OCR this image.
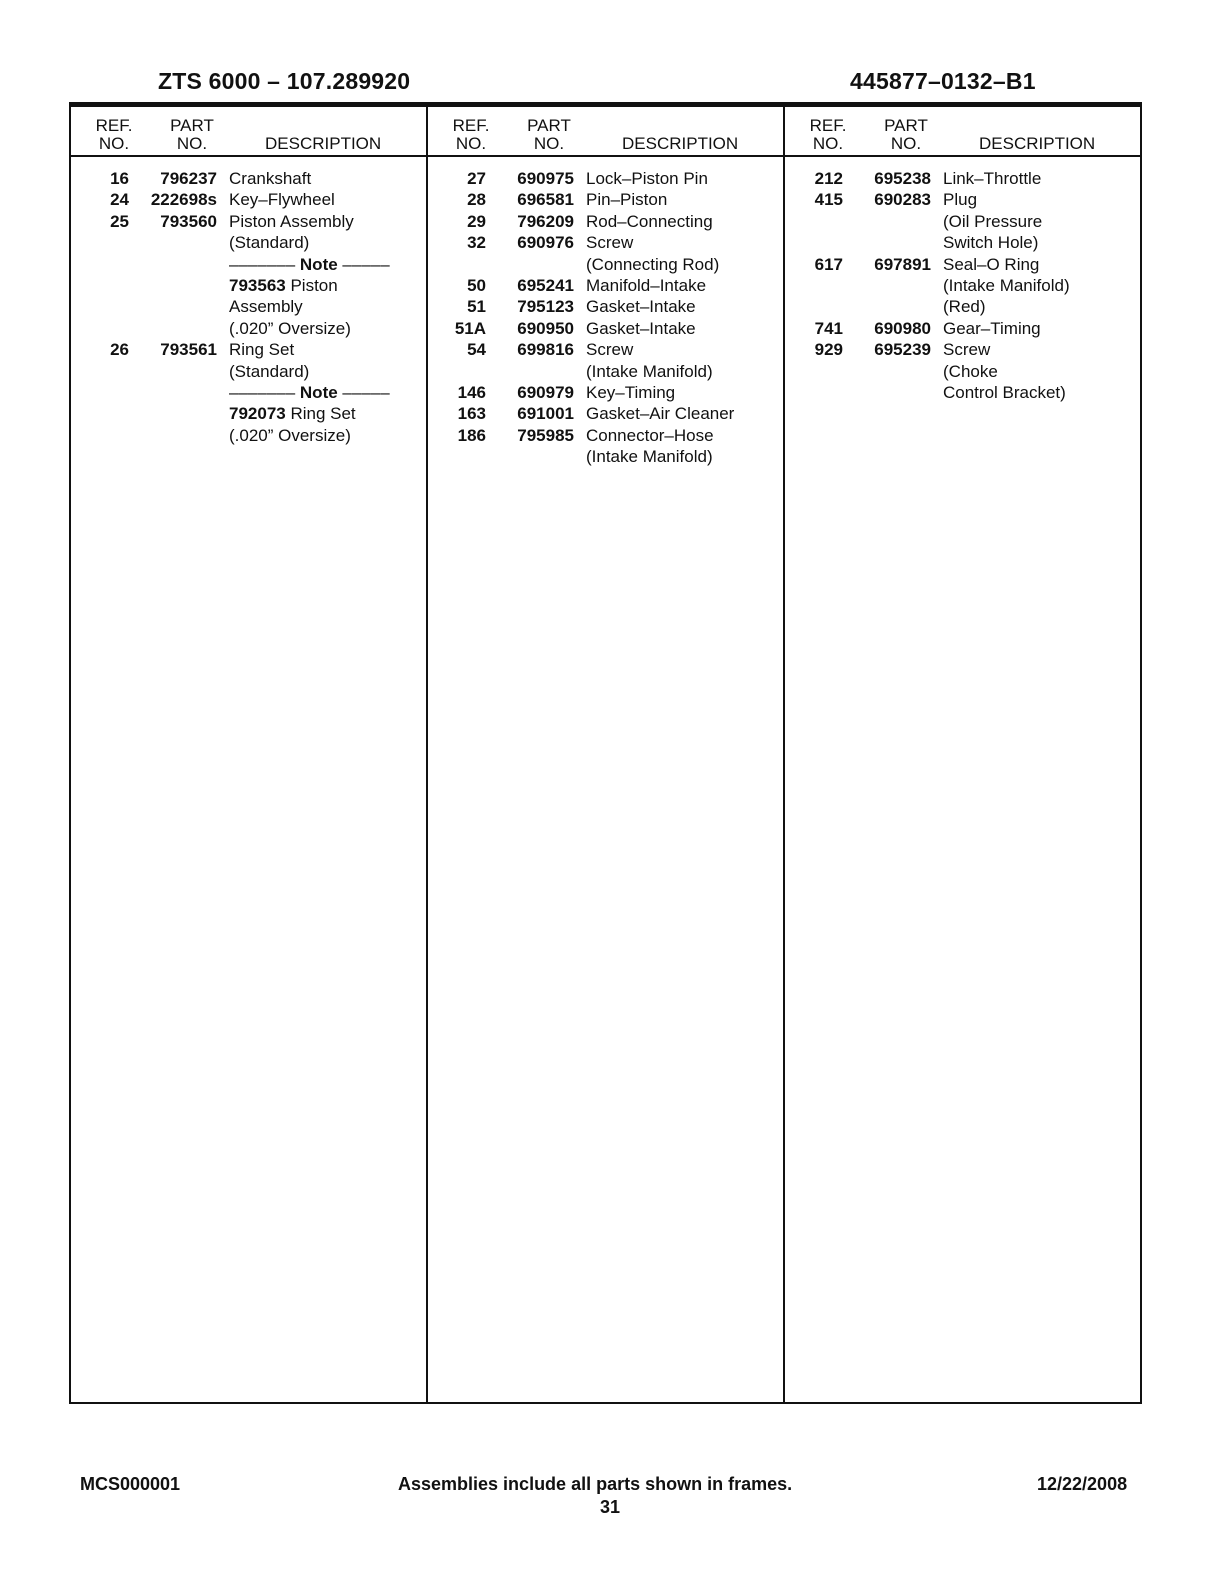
ZTS 6000 – 107.289920	445877–0132–B1
REF.
NO.
PART
NO.	DESCRIPTION
REF.
NO.
PART
NO.	DESCRIPTION
REF.
NO.
PART
NO.	DESCRIPTION
16	796237 Crankshaft
24	222698s Key–Flywheel
25	793560 Piston Assembly
(Standard)
––––––– Note –––––
793563 Piston
Assembly
(.020” Oversize)
26	793561 Ring Set
(Standard)
––––––– Note –––––
792073 Ring Set
(.020” Oversize)
27	690975 Lock–Piston Pin
28	696581 Pin–Piston
29	796209 Rod–Connecting
32	690976 Screw
(Connecting Rod)
50	695241 Manifold–Intake
51	795123 Gasket–Intake
51A	690950 Gasket–Intake
54	699816 Screw
(Intake Manifold)
146	690979 Key–Timing
163	691001 Gasket–Air Cleaner
186	795985 Connector–Hose
(Intake Manifold)
212	695238 Link–Throttle
415	690283 Plug
(Oil Pressure
Switch Hole)
617	697891 Seal–O Ring
(Intake Manifold)
(Red)
741	690980 Gear–Timing
929	695239 Screw
(Choke
Control Bracket)
MCS000001	Assemblies include all parts shown in frames.	12/22/2008
31
